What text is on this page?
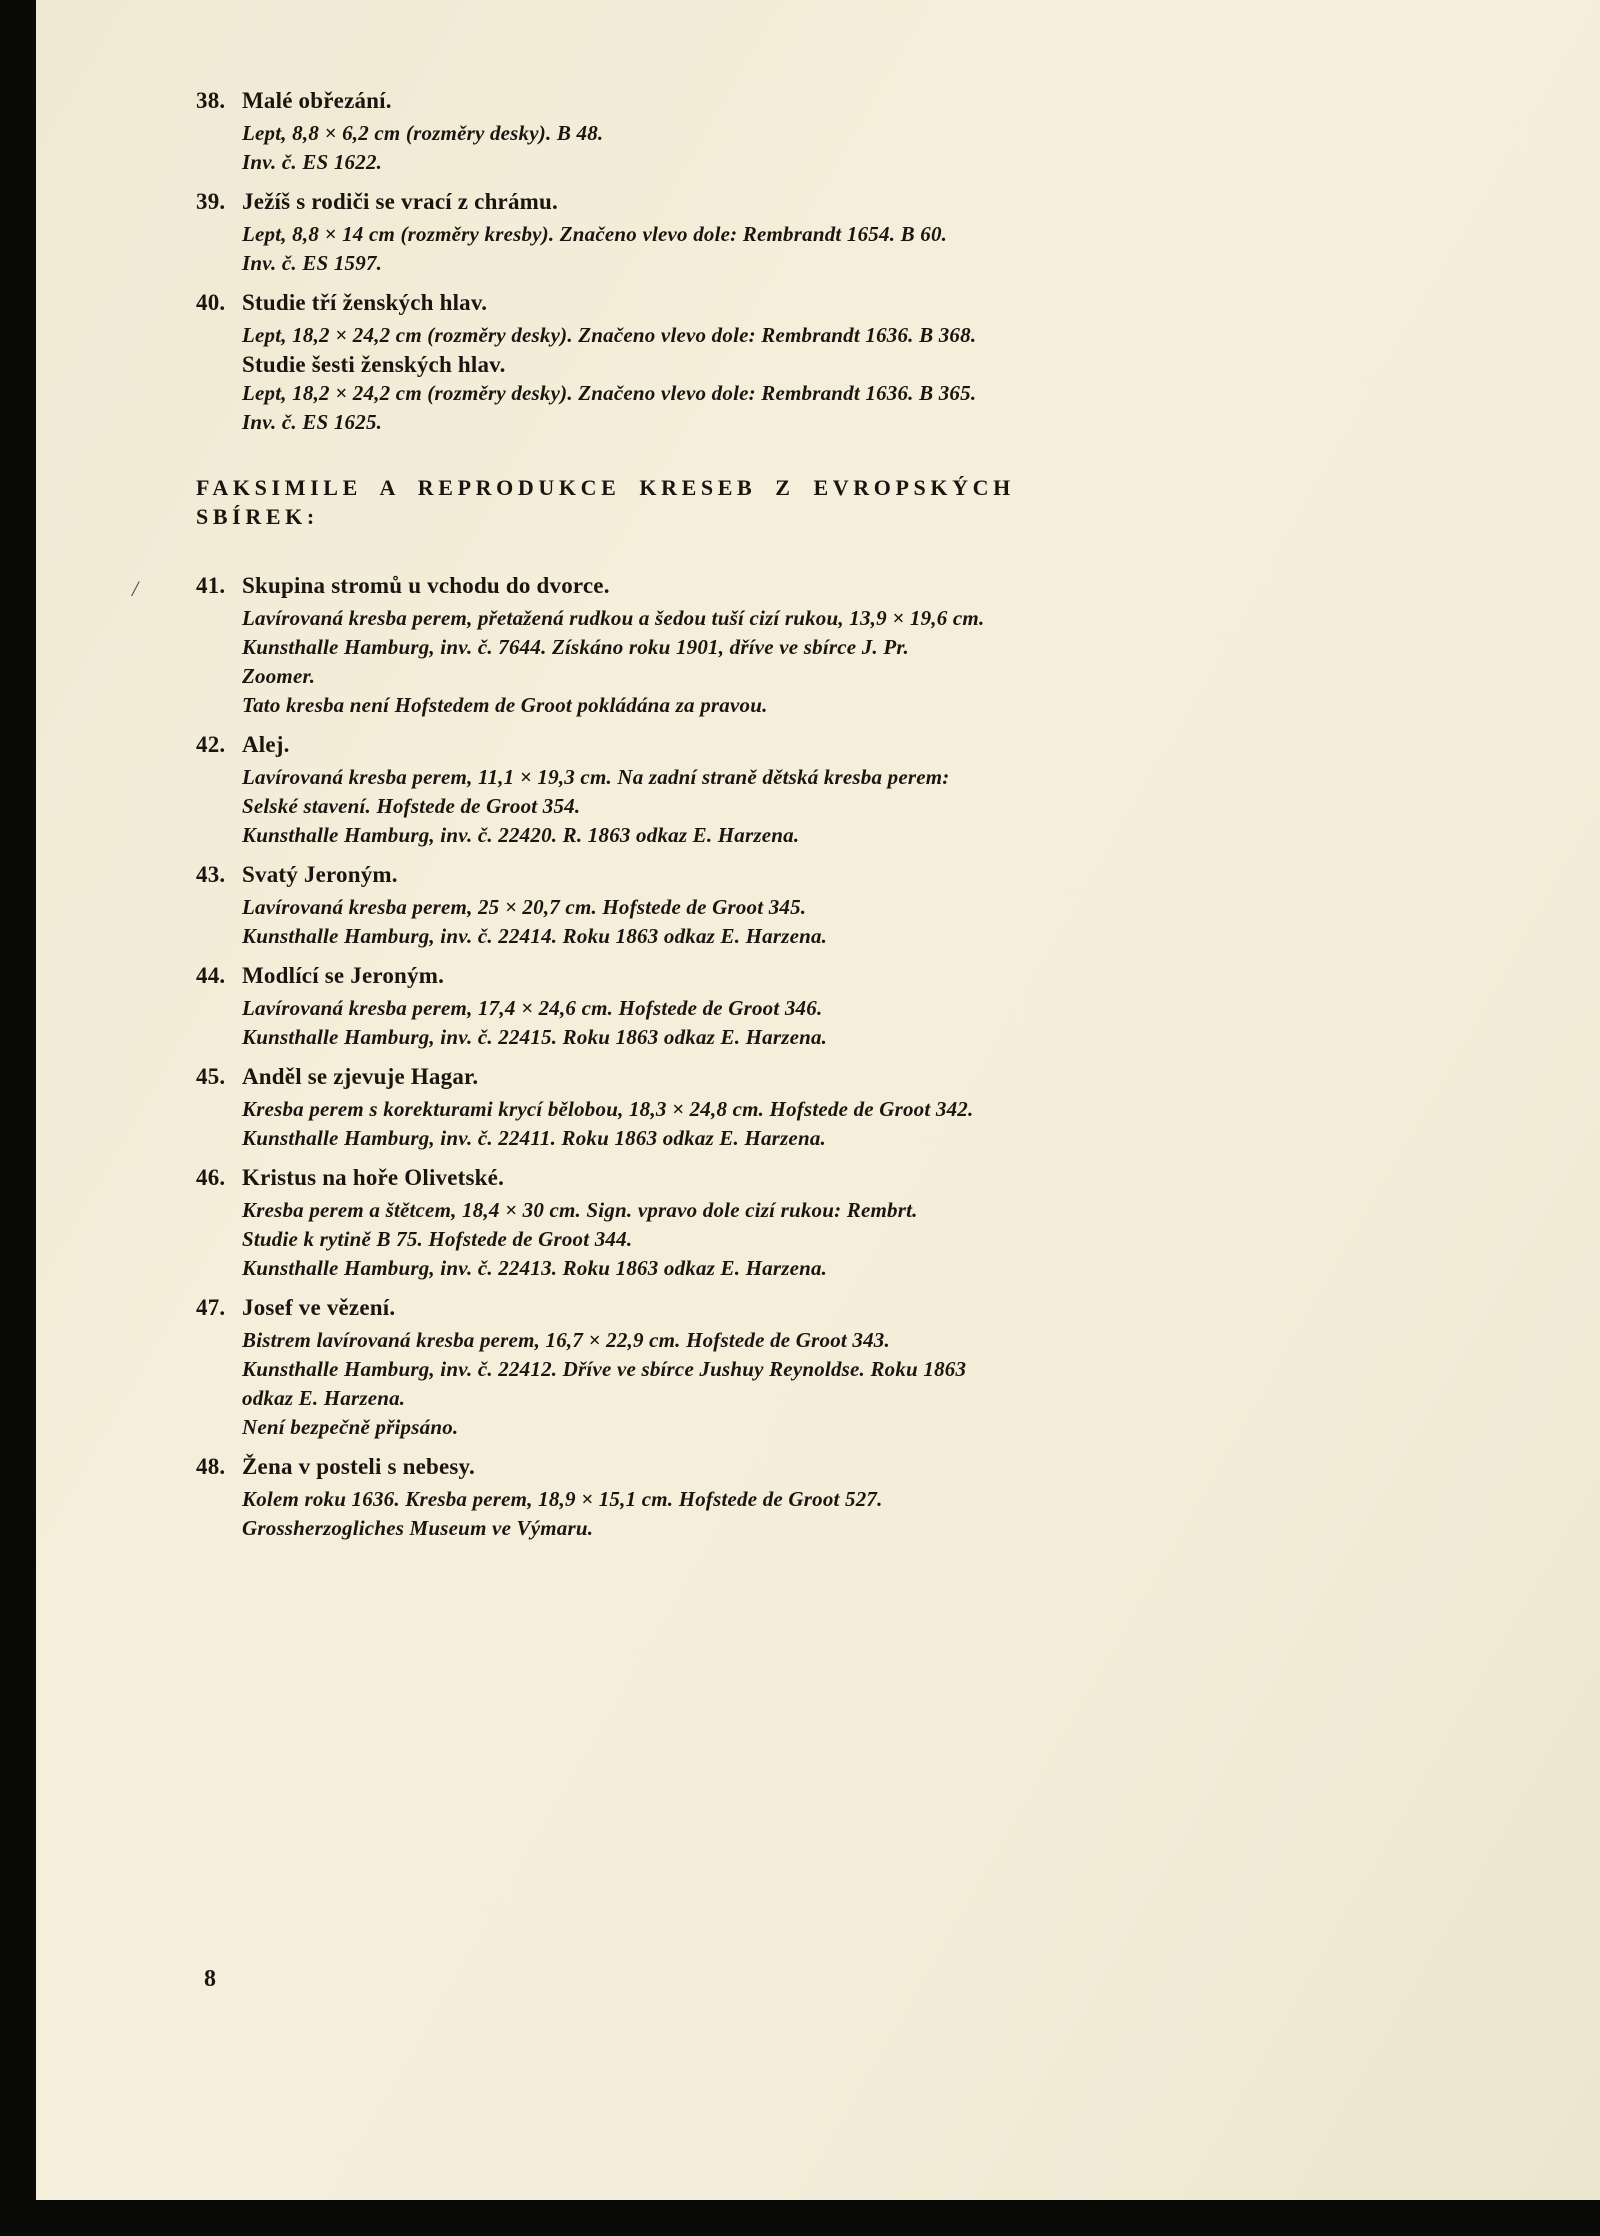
/
38. Malé obřezání.
Lept, 8,8 × 6,2 cm (rozměry desky). B 48.
Inv. č. ES 1622.
39. Ježíš s rodiči se vrací z chrámu.
Lept, 8,8 × 14 cm (rozměry kresby). Značeno vlevo dole: Rembrandt 1654. B 60.
Inv. č. ES 1597.
40. Studie tří ženských hlav.
Lept, 18,2 × 24,2 cm (rozměry desky). Značeno vlevo dole: Rembrandt 1636. B 368.
Studie šesti ženských hlav.
Lept, 18,2 × 24,2 cm (rozměry desky). Značeno vlevo dole: Rembrandt 1636. B 365.
Inv. č. ES 1625.
FAKSIMILE A REPRODUKCE KRESEB Z EVROPSKÝCH SBÍREK:
41. Skupina stromů u vchodu do dvorce.
Lavírovaná kresba perem, přetažená rudkou a šedou tuší cizí rukou, 13,9 × 19,6 cm.
Kunsthalle Hamburg, inv. č. 7644. Získáno roku 1901, dříve ve sbírce J. Pr.
Zoomer.
Tato kresba není Hofstedem de Groot pokládána za pravou.
42. Alej.
Lavírovaná kresba perem, 11,1 × 19,3 cm. Na zadní straně dětská kresba perem:
Selské stavení. Hofstede de Groot 354.
Kunsthalle Hamburg, inv. č. 22420. R. 1863 odkaz E. Harzena.
43. Svatý Jeroným.
Lavírovaná kresba perem, 25 × 20,7 cm. Hofstede de Groot 345.
Kunsthalle Hamburg, inv. č. 22414. Roku 1863 odkaz E. Harzena.
44. Modlící se Jeroným.
Lavírovaná kresba perem, 17,4 × 24,6 cm. Hofstede de Groot 346.
Kunsthalle Hamburg, inv. č. 22415. Roku 1863 odkaz E. Harzena.
45. Anděl se zjevuje Hagar.
Kresba perem s korekturami krycí bělobou, 18,3 × 24,8 cm. Hofstede de Groot 342.
Kunsthalle Hamburg, inv. č. 22411. Roku 1863 odkaz E. Harzena.
46. Kristus na hoře Olivetské.
Kresba perem a štětcem, 18,4 × 30 cm. Sign. vpravo dole cizí rukou: Rembrt.
Studie k rytině B 75. Hofstede de Groot 344.
Kunsthalle Hamburg, inv. č. 22413. Roku 1863 odkaz E. Harzena.
47. Josef ve vězení.
Bistrem lavírovaná kresba perem, 16,7 × 22,9 cm. Hofstede de Groot 343.
Kunsthalle Hamburg, inv. č. 22412. Dříve ve sbírce Jushuy Reynoldse. Roku 1863
odkaz E. Harzena.
Není bezpečně připsáno.
48. Žena v posteli s nebesy.
Kolem roku 1636. Kresba perem, 18,9 × 15,1 cm. Hofstede de Groot 527.
Grossherzogliches Museum ve Výmaru.
8
